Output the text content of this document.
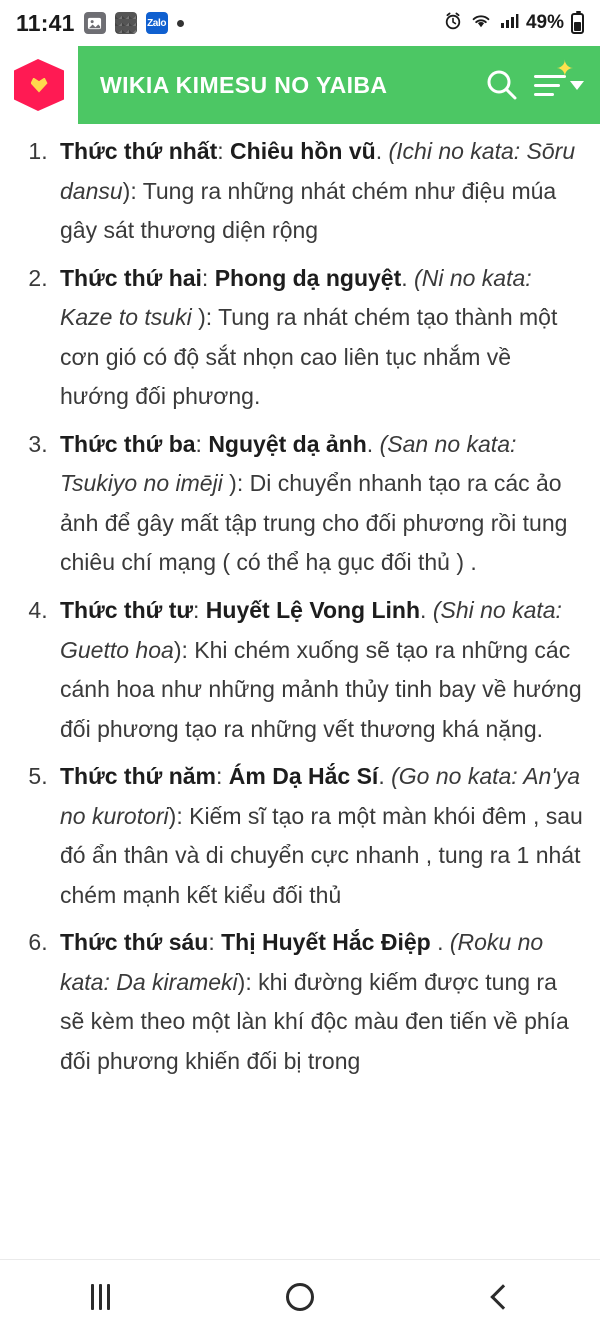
11:41	Zalo	49%
WIKIA KIMESU NO YAIBA
✦
1. Thức thứ nhất: Chiêu hồn vũ. (Ichi no kata: Sōru dansu): Tung ra những nhát chém như điệu múa gây sát thương diện rộng
2. Thức thứ hai: Phong dạ nguyệt. (Ni no kata: Kaze to tsuki ): Tung ra nhát chém tạo thành một cơn gió có độ sắt nhọn cao liên tục nhắm về hướng đối phương.
3. Thức thứ ba: Nguyệt dạ ảnh. (San no kata: Tsukiyo no imēji ): Di chuyển nhanh tạo ra các ảo ảnh để gây mất tập trung cho đối phương rồi tung chiêu chí mạng ( có thể hạ gục đối thủ ) .
4. Thức thứ tư: Huyết Lệ Vong Linh. (Shi no kata: Guetto hoa): Khi chém xuống sẽ tạo ra những các cánh hoa như những mảnh thủy tinh bay về hướng đối phương tạo ra những vết thương khá nặng.
5. Thức thứ năm: Ám Dạ Hắc Sí. (Go no kata: An'ya no kurotori): Kiếm sĩ tạo ra một màn khói đêm , sau đó ẩn thân và di chuyển cực nhanh , tung ra 1 nhát chém mạnh kết kiểu đối thủ
6. Thức thứ sáu: Thị Huyết Hắc Điệp . (Roku no kata: Da kirameki): khi đường kiếm được tung ra sẽ kèm theo một làn khí độc màu đen tiến về phía đối phương khiến đối bị trong
